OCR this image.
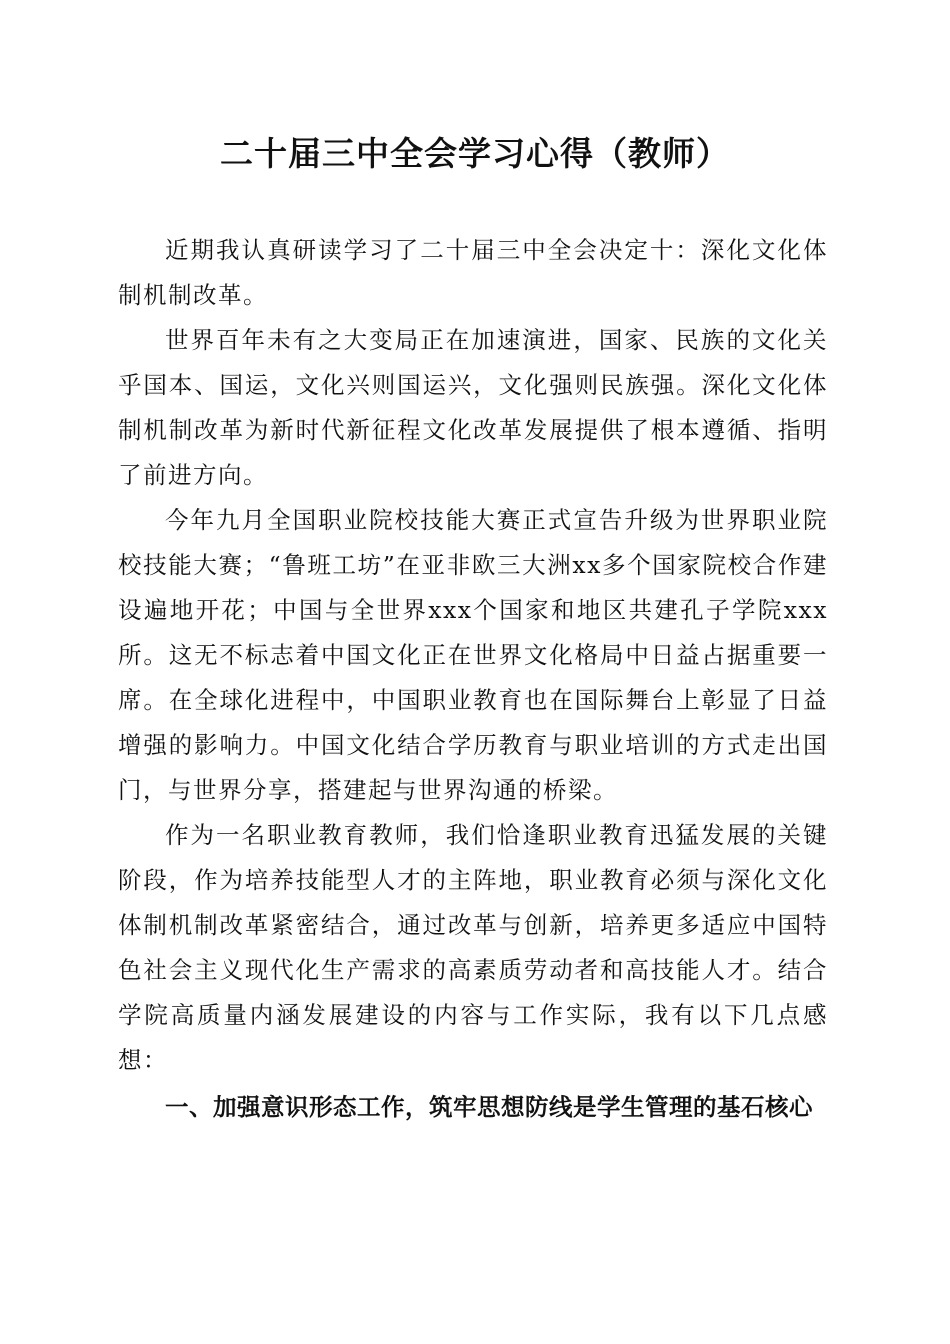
二十届三中全会学习心得（教师）

近期我认真研读学习了二十届三中全会决定十：深化文化体制机制改革。

世界百年未有之大变局正在加速演进，国家、民族的文化关乎国本、国运，文化兴则国运兴，文化强则民族强。深化文化体制机制改革为新时代新征程文化改革发展提供了根本遵循、指明了前进方向。

今年九月全国职业院校技能大赛正式宣告升级为世界职业院校技能大赛；“鲁班工坊”在亚非欧三大洲xx多个国家院校合作建设遍地开花；中国与全世界xxx个国家和地区共建孔子学院xxx所。这无不标志着中国文化正在世界文化格局中日益占据重要一席。在全球化进程中，中国职业教育也在国际舞台上彰显了日益增强的影响力。中国文化结合学历教育与职业培训的方式走出国门，与世界分享，搭建起与世界沟通的桥梁。

作为一名职业教育教师，我们恰逢职业教育迅猛发展的关键阶段，作为培养技能型人才的主阵地，职业教育必须与深化文化体制机制改革紧密结合，通过改革与创新，培养更多适应中国特色社会主义现代化生产需求的高素质劳动者和高技能人才。结合学院高质量内涵发展建设的内容与工作实际，我有以下几点感想：

一、加强意识形态工作，筑牢思想防线是学生管理的基石核心
